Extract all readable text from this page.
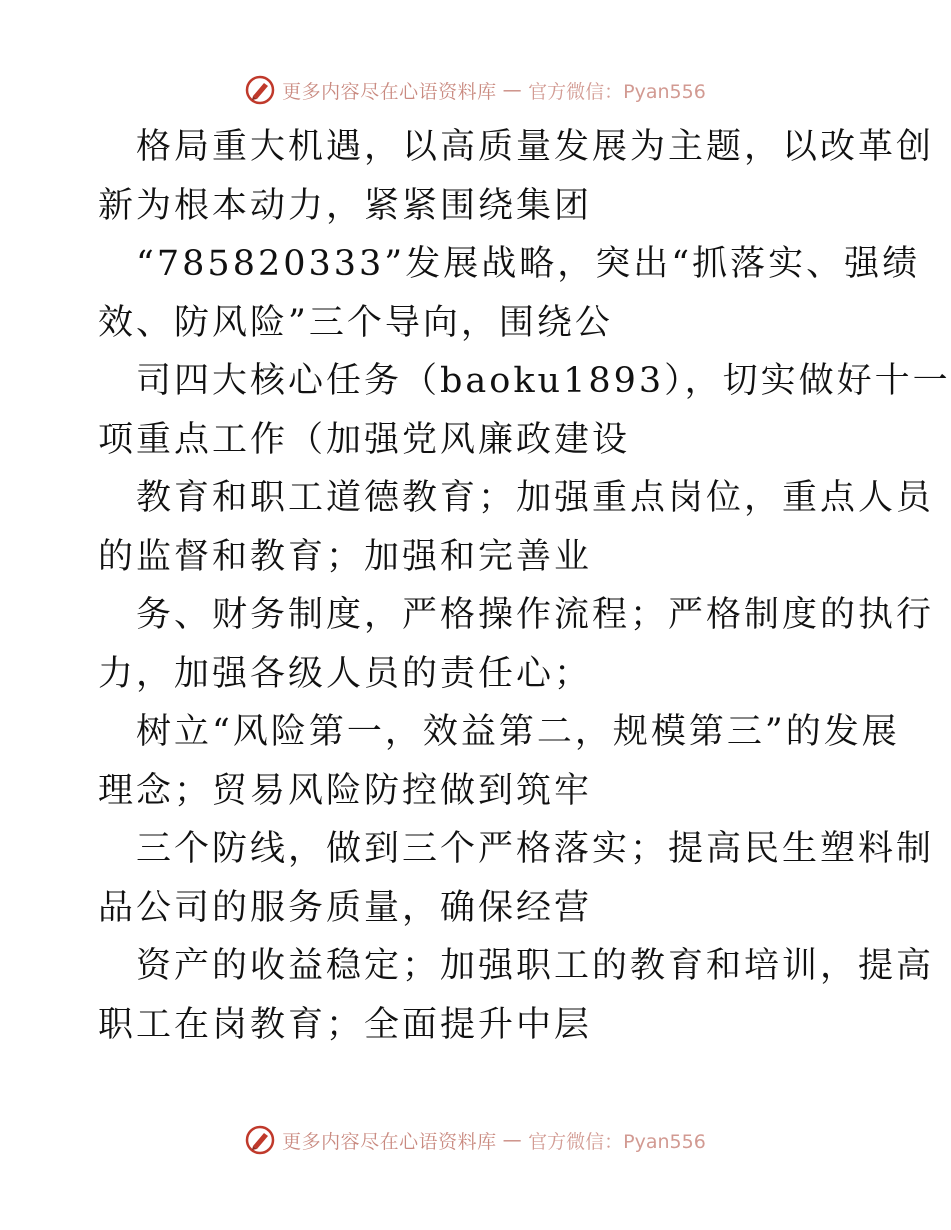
更多内容尽在心语资料库 — 官方微信：Pyan556
格局重大机遇，以高质量发展为主题，以改革创
新为根本动力，紧紧围绕集团
“785820333”发展战略，突出“抓落实、强绩
效、防风险”三个导向，围绕公
司四大核心任务（baoku1893），切实做好十一
项重点工作（加强党风廉政建设
教育和职工道德教育；加强重点岗位，重点人员
的监督和教育；加强和完善业
务、财务制度，严格操作流程；严格制度的执行
力，加强各级人员的责任心；
树立“风险第一，效益第二，规模第三”的发展
理念；贸易风险防控做到筑牢
三个防线，做到三个严格落实；提高民生塑料制
品公司的服务质量，确保经营
资产的收益稳定；加强职工的教育和培训，提高
职工在岗教育；全面提升中层
更多内容尽在心语资料库 — 官方微信：Pyan556
